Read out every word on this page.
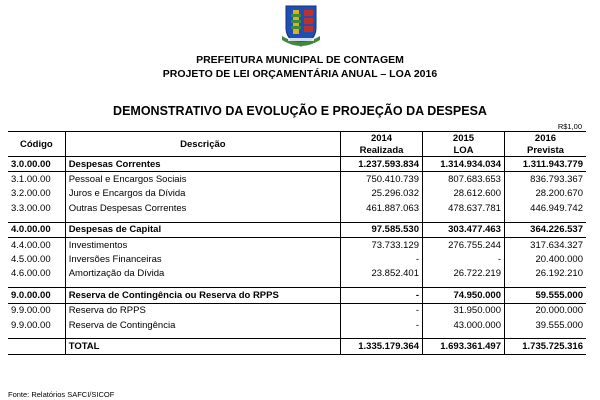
PREFEITURA MUNICIPAL DE CONTAGEM
PROJETO DE LEI ORÇAMENTÁRIA ANUAL – LOA 2016
DEMONSTRATIVO DA EVOLUÇÃO E PROJEÇÃO DA DESPESA
R$1,00
Código	Descrição	2014	2015	2016
		Realizada	LOA	Prevista
3.0.00.00	Despesas Correntes	1.237.593.834	1.314.934.034	1.311.943.779
3.1.00.00	Pessoal e Encargos Sociais	750.410.739	807.683.653	836.793.367
3.2.00.00	Juros e Encargos da Dívida	25.296.032	28.612.600	28.200.670
3.3.00.00	Outras Despesas Correntes	461.887.063	478.637.781	446.949.742

4.0.00.00	Despesas de Capital	97.585.530	303.477.463	364.226.537
4.4.00.00	Investimentos	73.733.129	276.755.244	317.634.327
4.5.00.00	Inversões Financeiras	-	-	20.400.000
4.6.00.00	Amortização da Dívida	23.852.401	26.722.219	26.192.210

9.0.00.00	Reserva de Contingência ou Reserva do RPPS	-	74.950.000	59.555.000
9.9.00.00	Reserva do RPPS	-	31.950.000	20.000.000
9.9.00.00	Reserva de Contingência	-	43.000.000	39.555.000

	TOTAL	1.335.179.364	1.693.361.497	1.735.725.316
Fonte: Relatórios SAFCI/SICOF
